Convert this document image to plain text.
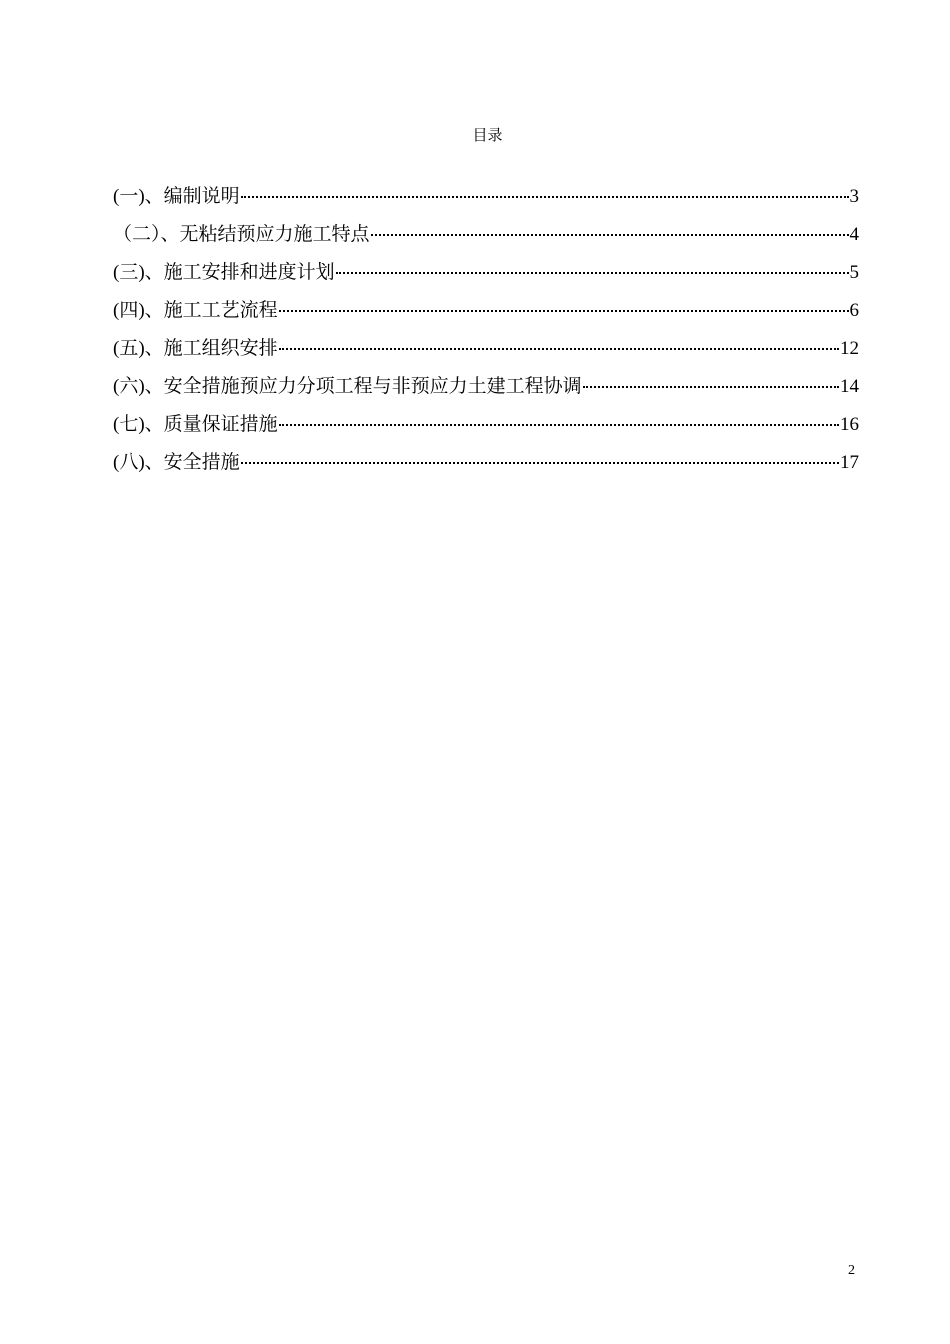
目录
(一)、编制说明	3
（二）、无粘结预应力施工特点	4
(三)、施工安排和进度计划	5
(四)、施工工艺流程	6
(五)、施工组织安排	12
(六)、安全措施预应力分项工程与非预应力土建工程协调	14
(七)、质量保证措施	16
(八)、安全措施	17
2
